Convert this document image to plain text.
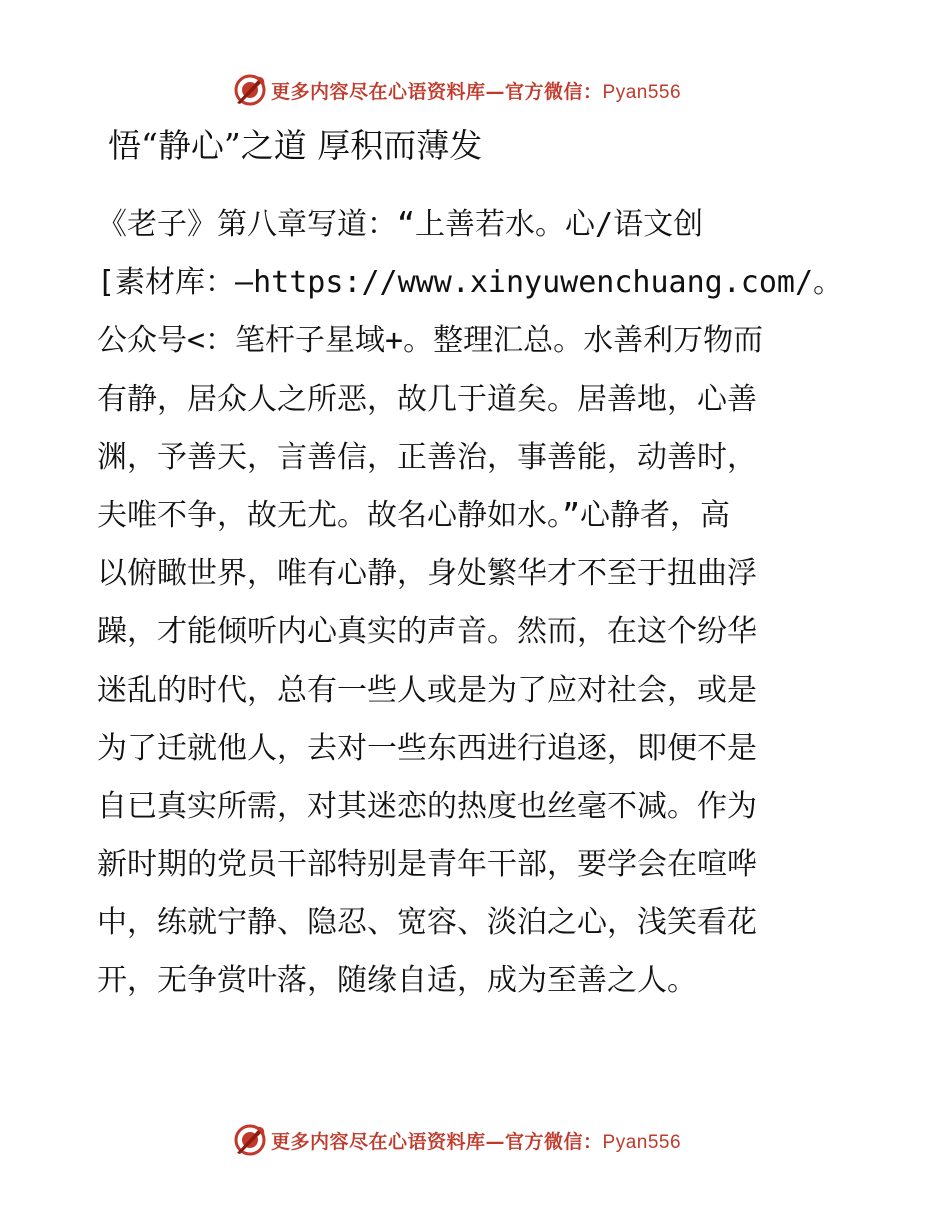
更多内容尽在心语资料库—官方微信：Pyan556
悟“静心”之道 厚积而薄发
《老子》第八章写道：“上善若水。心/语文创
[素材库：—https://www.xinyuwenchuang.com/。
公众号<：笔杆子星域+。整理汇总。水善利万物而
有静，居众人之所恶，故几于道矣。居善地，心善
渊，予善天，言善信，正善治，事善能，动善时，
夫唯不争，故无尤。故名心静如水。”心静者，高
以俯瞰世界，唯有心静，身处繁华才不至于扭曲浮
躁，才能倾听内心真实的声音。然而，在这个纷华
迷乱的时代，总有一些人或是为了应对社会，或是
为了迁就他人，去对一些东西进行追逐，即便不是
自已真实所需，对其迷恋的热度也丝毫不减。作为
新时期的党员干部特别是青年干部，要学会在喧哗
中，练就宁静、隐忍、宽容、淡泊之心，浅笑看花
开，无争赏叶落，随缘自适，成为至善之人。
更多内容尽在心语资料库—官方微信：Pyan556
